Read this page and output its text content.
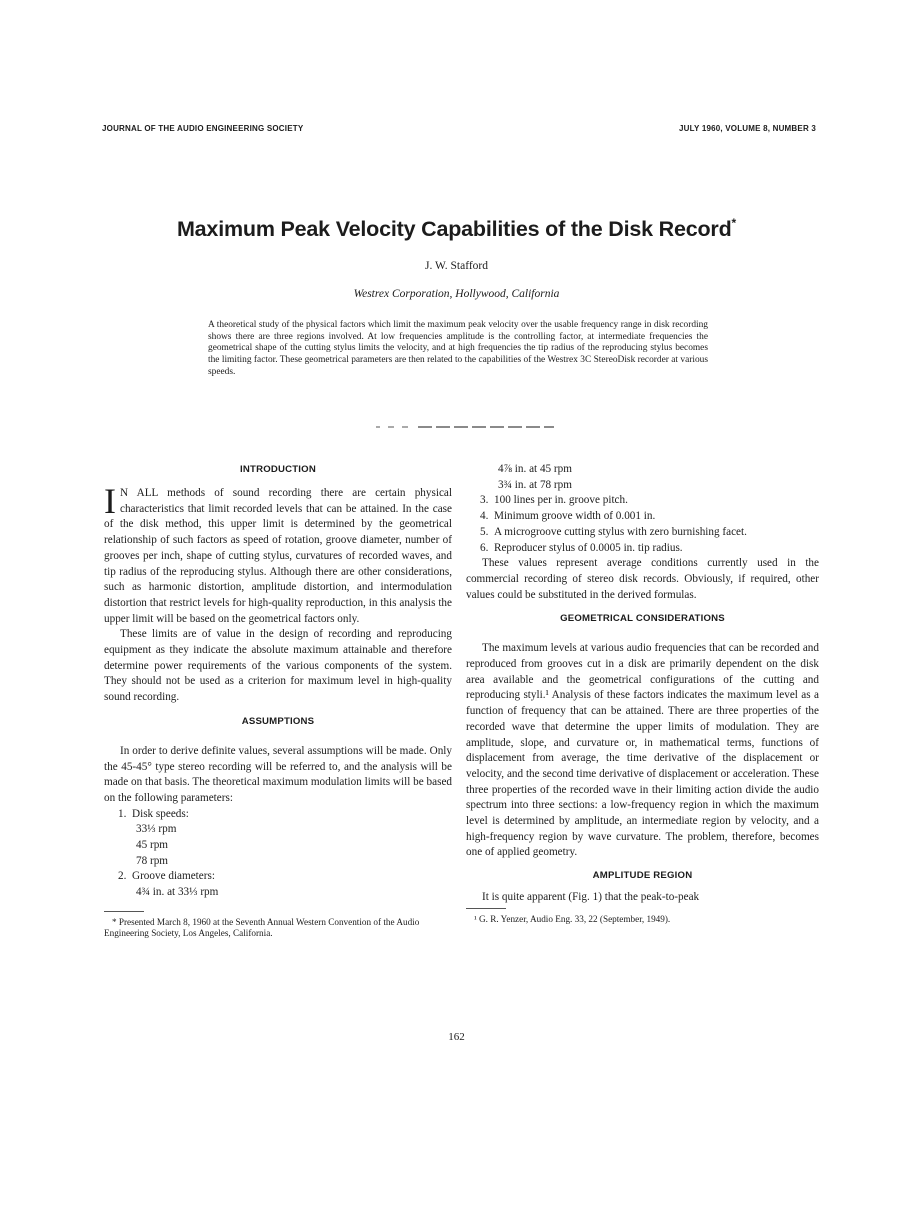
JOURNAL OF THE AUDIO ENGINEERING SOCIETY	JULY 1960, VOLUME 8, NUMBER 3
Maximum Peak Velocity Capabilities of the Disk Record*
J. W. Stafford
Westrex Corporation, Hollywood, California
A theoretical study of the physical factors which limit the maximum peak velocity over the usable frequency range in disk recording shows there are three regions involved. At low frequencies amplitude is the controlling factor, at intermediate frequencies the geometrical shape of the cutting stylus limits the velocity, and at high frequencies the tip radius of the reproducing stylus becomes the limiting factor. These geometrical parameters are then related to the capabilities of the Westrex 3C StereoDisk recorder at various speeds.
INTRODUCTION

I N ALL methods of sound recording there are certain physical characteristics that limit recorded levels that can be attained. In the case of the disk method, this upper limit is determined by the geometrical relationship of such factors as speed of rotation, groove diameter, number of grooves per inch, shape of cutting stylus, curvatures of recorded waves, and tip radius of the reproducing stylus. Although there are other considerations, such as harmonic distortion, amplitude distortion, and intermodulation distortion that restrict levels for high-quality reproduction, in this analysis the upper limit will be based on the geometrical factors only.

These limits are of value in the design of recording and reproducing equipment as they indicate the absolute maximum attainable and therefore determine power requirements of the various components of the system. They should not be used as a criterion for maximum level in high-quality sound recording.

ASSUMPTIONS

In order to derive definite values, several assumptions will be made. Only the 45-45° type stereo recording will be referred to, and the analysis will be made on that basis. The theoretical maximum modulation limits will be based on the following parameters:

1. Disk speeds:
33⅓ rpm
45 rpm
78 rpm
2. Groove diameters:
4¾ in. at 33⅓ rpm
* Presented March 8, 1960 at the Seventh Annual Western Convention of the Audio Engineering Society, Los Angeles, California.
4⅞ in. at 45 rpm
3¾ in. at 78 rpm
3. 100 lines per in. groove pitch.
4. Minimum groove width of 0.001 in.
5. A microgroove cutting stylus with zero burnishing facet.
6. Reproducer stylus of 0.0005 in. tip radius.

These values represent average conditions currently used in the commercial recording of stereo disk records. Obviously, if required, other values could be substituted in the derived formulas.

GEOMETRICAL CONSIDERATIONS

The maximum levels at various audio frequencies that can be recorded and reproduced from grooves cut in a disk are primarily dependent on the disk area available and the geometrical configurations of the cutting and reproducing styli.¹ Analysis of these factors indicates the maximum level as a function of frequency that can be attained. There are three properties of the recorded wave that determine the upper limits of modulation. They are amplitude, slope, and curvature or, in mathematical terms, functions of displacement from average, the time derivative of the displacement or velocity, and the second time derivative of displacement or acceleration. These three properties of the recorded wave in their limiting action divide the audio spectrum into three sections: a low-frequency region in which the maximum level is determined by amplitude, an intermediate region by velocity, and a high-frequency region by wave curvature. The problem, therefore, becomes one of applied geometry.

AMPLITUDE REGION

It is quite apparent (Fig. 1) that the peak-to-peak

¹ G. R. Yenzer, Audio Eng. 33, 22 (September, 1949).
162
